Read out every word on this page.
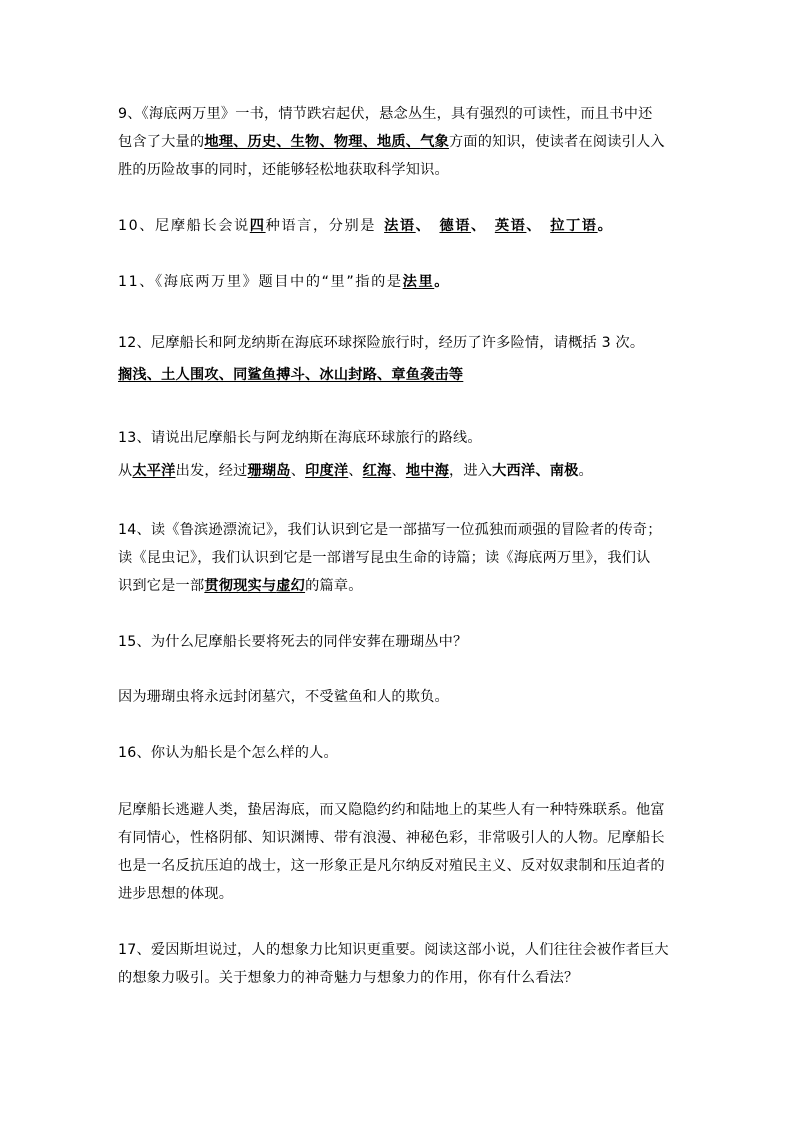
9、《海底两万里》一书，情节跌宕起伏，悬念丛生，具有强烈的可读性，而且书中还
包含了大量的地理、历史、生物、物理、地质、气象方面的知识，使读者在阅读引人入
胜的历险故事的同时，还能够轻松地获取科学知识。
10、尼摩船长会说四种语言，分别是 法语、 德语、 英语、 拉丁语。
11、《海底两万里》题目中的“里”指的是法里。
12、尼摩船长和阿龙纳斯在海底环球探险旅行时，经历了许多险情，请概括 3 次。
搁浅、土人围攻、同鲨鱼搏斗、冰山封路、章鱼袭击等
13、请说出尼摩船长与阿龙纳斯在海底环球旅行的路线。
从太平洋出发，经过珊瑚岛、印度洋、红海、地中海，进入大西洋、南极。
14、读《鲁滨逊漂流记》，我们认识到它是一部描写一位孤独而顽强的冒险者的传奇；
读《昆虫记》，我们认识到它是一部谱写昆虫生命的诗篇；读《海底两万里》，我们认
识到它是一部贯彻现实与虚幻的篇章。
15、为什么尼摩船长要将死去的同伴安葬在珊瑚丛中？
因为珊瑚虫将永远封闭墓穴，不受鲨鱼和人的欺负。
16、你认为船长是个怎么样的人。
尼摩船长逃避人类，蛰居海底，而又隐隐约约和陆地上的某些人有一种特殊联系。他富
有同情心，性格阴郁、知识渊博、带有浪漫、神秘色彩，非常吸引人的人物。尼摩船长
也是一名反抗压迫的战士，这一形象正是凡尔纳反对殖民主义、反对奴隶制和压迫者的
进步思想的体现。
17、爱因斯坦说过，人的想象力比知识更重要。阅读这部小说，人们往往会被作者巨大
的想象力吸引。关于想象力的神奇魅力与想象力的作用，你有什么看法？
